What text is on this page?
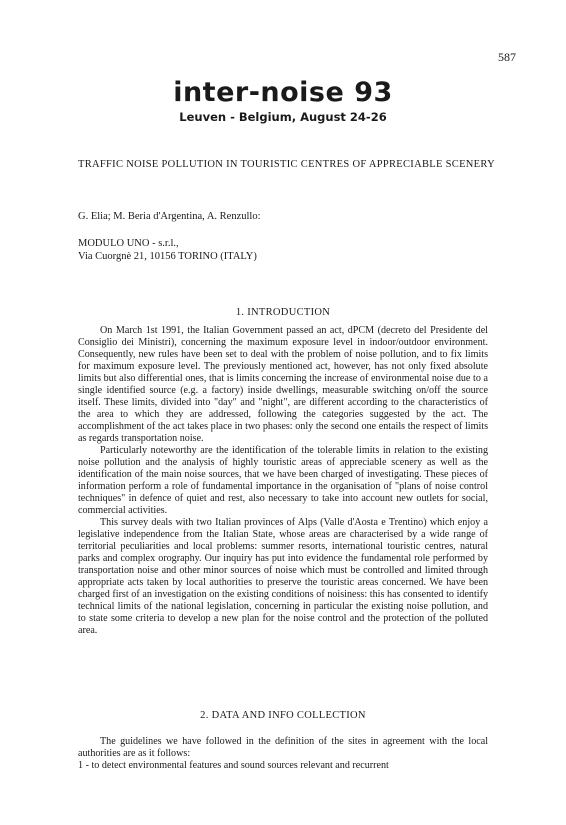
587
inter-noise 93
Leuven - Belgium, August 24-26
TRAFFIC NOISE POLLUTION IN TOURISTIC CENTRES OF APPRECIABLE SCENERY
G. Elia; M. Beria d'Argentina, A. Renzullo:
MODULO UNO - s.r.l.,
Via Cuorgnè 21, 10156 TORINO (ITALY)
1. INTRODUCTION

On March 1st 1991, the Italian Government passed an act, dPCM (decreto del Presidente del Consiglio dei Ministri), concerning the maximum exposure level in indoor/outdoor environment. Consequently, new rules have been set to deal with the problem of noise pollution, and to fix limits for maximum exposure level. The previously mentioned act, however, has not only fixed absolute limits but also differential ones, that is limits concerning the increase of environmental noise due to a single identified source (e.g. a factory) inside dwellings, measurable switching on/off the source itself. These limits, divided into "day" and "night", are different according to the characteristics of the area to which they are addressed, following the categories suggested by the act. The accomplishment of the act takes place in two phases: only the second one entails the respect of limits as regards transportation noise.

Particularly noteworthy are the identification of the tolerable limits in relation to the existing noise pollution and the analysis of highly touristic areas of appreciable scenery as well as the identification of the main noise sources, that we have been charged of investigating. These pieces of information perform a role of fundamental importance in the organisation of "plans of noise control techniques" in defence of quiet and rest, also necessary to take into account new outlets for social, commercial activities.

This survey deals with two Italian provinces of Alps (Valle d'Aosta e Trentino) which enjoy a legislative independence from the Italian State, whose areas are characterised by a wide range of territorial peculiarities and local problems: summer resorts, international touristic centres, natural parks and complex orography. Our inquiry has put into evidence the fundamental role performed by transportation noise and other minor sources of noise which must be controlled and limited through appropriate acts taken by local authorities to preserve the touristic areas concerned. We have been charged first of an investigation on the existing conditions of noisiness: this has consented to identify technical limits of the national legislation, concerning in particular the existing noise pollution, and to state some criteria to develop a new plan for the noise control and the protection of the polluted area.

2. DATA AND INFO COLLECTION

The guidelines we have followed in the definition of the sites in agreement with the local authorities are as it follows:

1 - to detect environmental features and sound sources relevant and recurrent
